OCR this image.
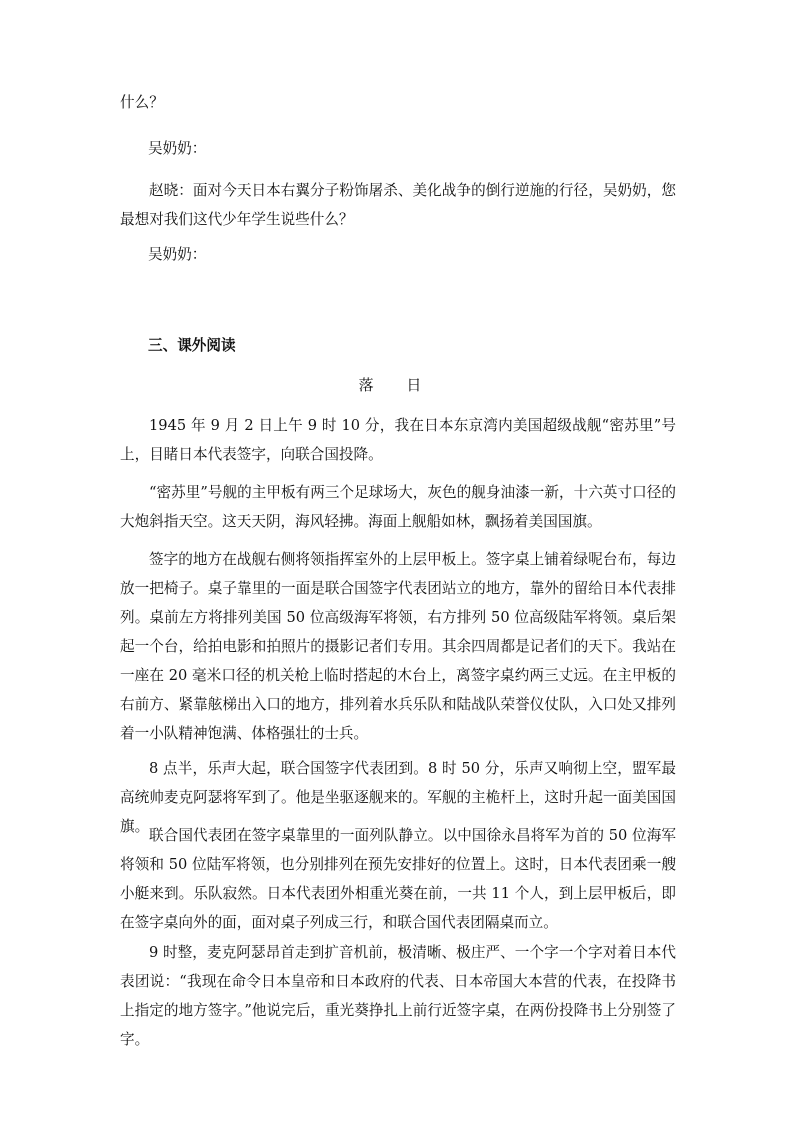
什么？
吴奶奶：
赵晓：面对今天日本右翼分子粉饰屠杀、美化战争的倒行逆施的行径，吴奶奶，您最想对我们这代少年学生说些什么？
吴奶奶：
三、课外阅读
落 日
1945 年 9 月 2 日上午 9 时 10 分，我在日本东京湾内美国超级战舰“密苏里”号上，目睹日本代表签字，向联合国投降。
“密苏里”号舰的主甲板有两三个足球场大，灰色的舰身油漆一新，十六英寸口径的大炮斜指天空。这天天阴，海风轻拂。海面上舰船如林，飘扬着美国国旗。
签字的地方在战舰右侧将领指挥室外的上层甲板上。签字桌上铺着绿呢台布，每边放一把椅子。桌子靠里的一面是联合国签字代表团站立的地方，靠外的留给日本代表排列。桌前左方将排列美国 50 位高级海军将领，右方排列 50 位高级陆军将领。桌后架起一个台，给拍电影和拍照片的摄影记者们专用。其余四周都是记者们的天下。我站在一座在 20 毫米口径的机关枪上临时搭起的木台上，离签字桌约两三丈远。在主甲板的右前方、紧靠舷梯出入口的地方，排列着水兵乐队和陆战队荣誉仪仗队，入口处又排列着一小队精神饱满、体格强壮的士兵。
8 点半，乐声大起，联合国签字代表团到。8 时 50 分，乐声又响彻上空，盟军最高统帅麦克阿瑟将军到了。他是坐驱逐舰来的。军舰的主桅杆上，这时升起一面美国国旗。
联合国代表团在签字桌靠里的一面列队静立。以中国徐永昌将军为首的 50 位海军将领和 50 位陆军将领，也分别排列在预先安排好的位置上。这时，日本代表团乘一艘小艇来到。乐队寂然。日本代表团外相重光葵在前，一共 11 个人，到上层甲板后，即在签字桌向外的面，面对桌子列成三行，和联合国代表团隔桌而立。
9 时整，麦克阿瑟昂首走到扩音机前，极清晰、极庄严、一个字一个字对着日本代表团说：“我现在命令日本皇帝和日本政府的代表、日本帝国大本营的代表，在投降书上指定的地方签字。”他说完后，重光葵挣扎上前行近签字桌，在两份投降书上分别签了字。
